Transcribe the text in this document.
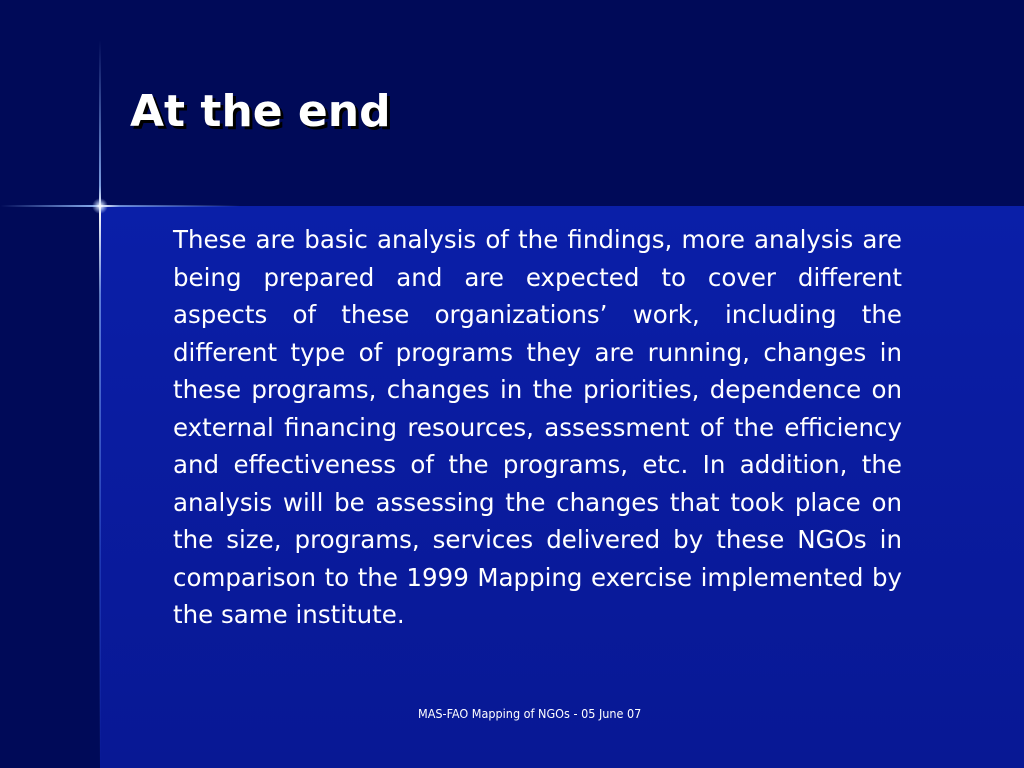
At the end

These are basic analysis of the findings, more analysis are being prepared and are expected to cover different aspects of these organizations’ work, including the different type of programs they are running, changes in these programs, changes in the priorities, dependence on external financing resources, assessment of the efficiency and effectiveness of the programs, etc. In addition, the analysis will be assessing the changes that took place on the size, programs, services delivered by these NGOs in comparison to the 1999 Mapping exercise implemented by the same institute.

MAS-FAO Mapping of NGOs - 05 June 07
